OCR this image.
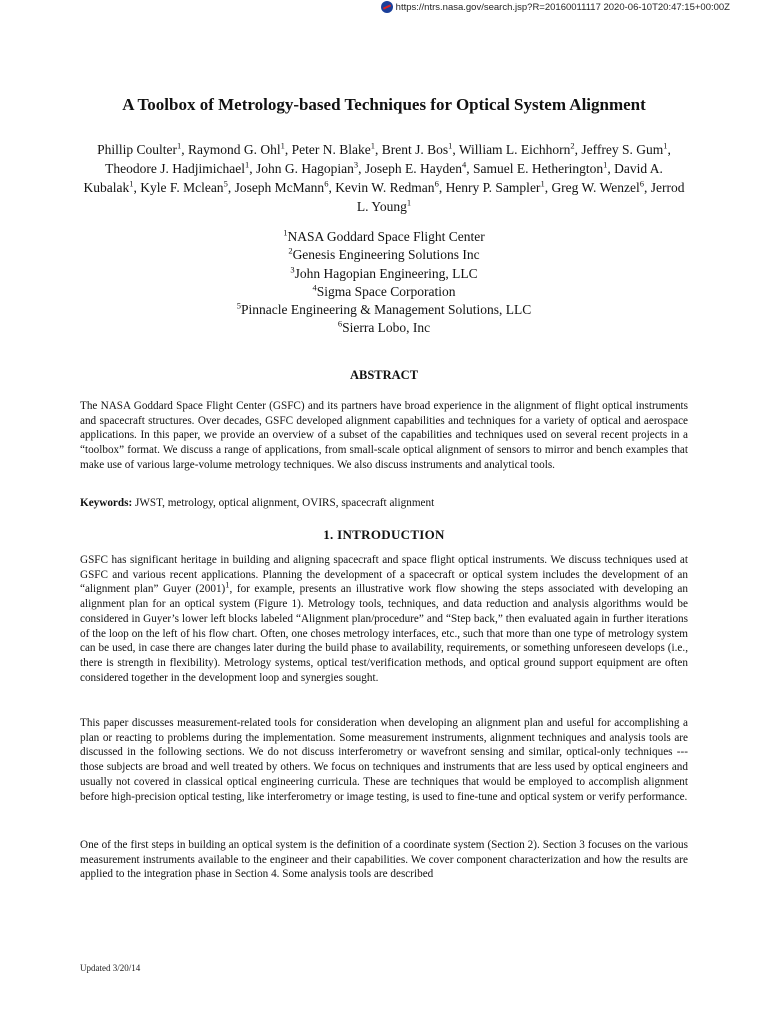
https://ntrs.nasa.gov/search.jsp?R=20160011117 2020-06-10T20:47:15+00:00Z
A Toolbox of Metrology-based Techniques for Optical System Alignment
Phillip Coulter$^1$, Raymond G. Ohl$^1$, Peter N. Blake$^1$, Brent J. Bos$^1$, William L. Eichhorn$^2$, Jeffrey S. Gum$^1$, Theodore J. Hadjimichael$^1$, John G. Hagopian$^3$, Joseph E. Hayden$^4$, Samuel E. Hetherington$^1$, David A. Kubalak$^1$, Kyle F. Mclean$^5$, Joseph McMann$^6$, Kevin W. Redman$^6$, Henry P. Sampler$^1$, Greg W. Wenzel$^6$, Jerrod L. Young$^1$
$^1$NASA Goddard Space Flight Center
$^2$Genesis Engineering Solutions Inc
$^3$John Hagopian Engineering, LLC
$^4$Sigma Space Corporation
$^5$Pinnacle Engineering & Management Solutions, LLC
$^6$Sierra Lobo, Inc
ABSTRACT

The NASA Goddard Space Flight Center (GSFC) and its partners have broad experience in the alignment of flight optical instruments and spacecraft structures. Over decades, GSFC developed alignment capabilities and techniques for a variety of optical and aerospace applications. In this paper, we provide an overview of a subset of the capabilities and techniques used on several recent projects in a “toolbox” format. We discuss a range of applications, from small-scale optical alignment of sensors to mirror and bench examples that make use of various large-volume metrology techniques. We also discuss instruments and analytical tools.

Keywords: JWST, metrology, optical alignment, OVIRS, spacecraft alignment

1. INTRODUCTION

GSFC has significant heritage in building and aligning spacecraft and space flight optical instruments. We discuss techniques used at GSFC and various recent applications. Planning the development of a spacecraft or optical system includes the development of an “alignment plan” Guyer $(2001)^1$, for example, presents an illustrative work flow showing the steps associated with developing an alignment plan for an optical system (Figure 1). Metrology tools, techniques, and data reduction and analysis algorithms would be considered in Guyer’s lower left blocks labeled “Alignment plan/procedure” and “Step back,” then evaluated again in further iterations of the loop on the left of his flow chart. Often, one choses metrology interfaces, etc., such that more than one type of metrology system can be used, in case there are changes later during the build phase to availability, requirements, or something unforeseen develops (i.e., there is strength in flexibility). Metrology systems, optical test/verification methods, and optical ground support equipment are often considered together in the development loop and synergies sought.

This paper discusses measurement-related tools for consideration when developing an alignment plan and useful for accomplishing a plan or reacting to problems during the implementation. Some measurement instruments, alignment techniques and analysis tools are discussed in the following sections. We do not discuss interferometry or wavefront sensing and similar, optical-only techniques --- those subjects are broad and well treated by others. We focus on techniques and instruments that are less used by optical engineers and usually not covered in classical optical engineering curricula. These are techniques that would be employed to accomplish alignment before high-precision optical testing, like interferometry or image testing, is used to fine-tune and optical system or verify performance.

One of the first steps in building an optical system is the definition of a coordinate system (Section 2). Section 3 focuses on the various measurement instruments available to the engineer and their capabilities. We cover component characterization and how the results are applied to the integration phase in Section 4. Some analysis tools are described

Updated 3/20/14
